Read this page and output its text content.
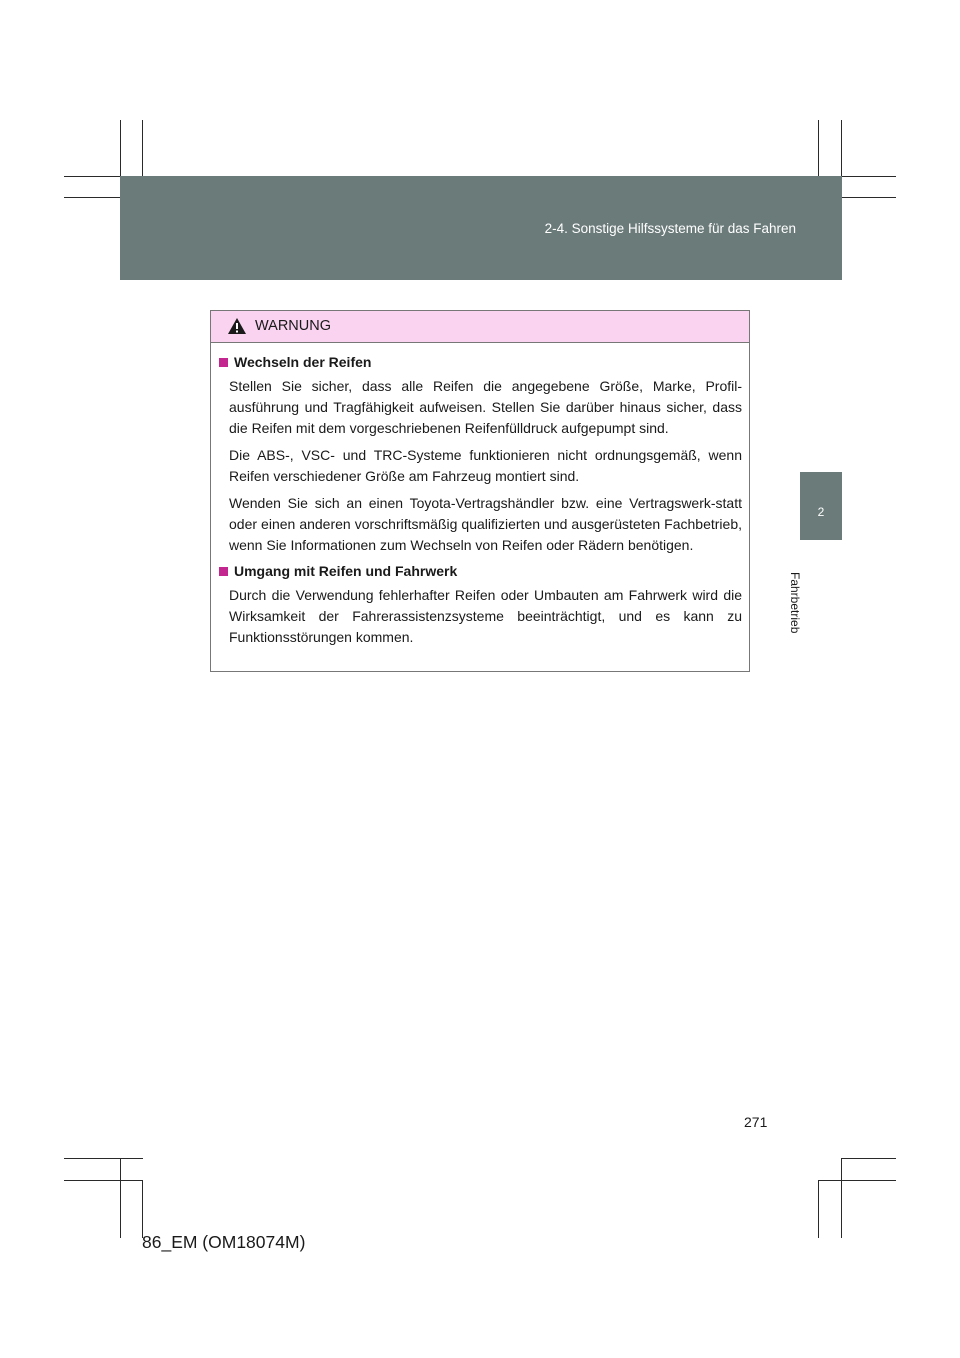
2-4. Sonstige Hilfssysteme für das Fahren
2
Fahrbetrieb
WARNUNG
Wechseln der Reifen

Stellen Sie sicher, dass alle Reifen die angegebene Größe, Marke, Profil-ausführung und Tragfähigkeit aufweisen. Stellen Sie darüber hinaus sicher, dass die Reifen mit dem vorgeschriebenen Reifenfülldruck aufgepumpt sind.

Die ABS-, VSC- und TRC-Systeme funktionieren nicht ordnungsgemäß, wenn Reifen verschiedener Größe am Fahrzeug montiert sind.

Wenden Sie sich an einen Toyota-Vertragshändler bzw. eine Vertragswerk-statt oder einen anderen vorschriftsmäßig qualifizierten und ausgerüsteten Fachbetrieb, wenn Sie Informationen zum Wechseln von Reifen oder Rädern benötigen.

Umgang mit Reifen und Fahrwerk

Durch die Verwendung fehlerhafter Reifen oder Umbauten am Fahrwerk wird die Wirksamkeit der Fahrerassistenzsysteme beeinträchtigt, und es kann zu Funktionsstörungen kommen.

271
86_EM (OM18074M)
